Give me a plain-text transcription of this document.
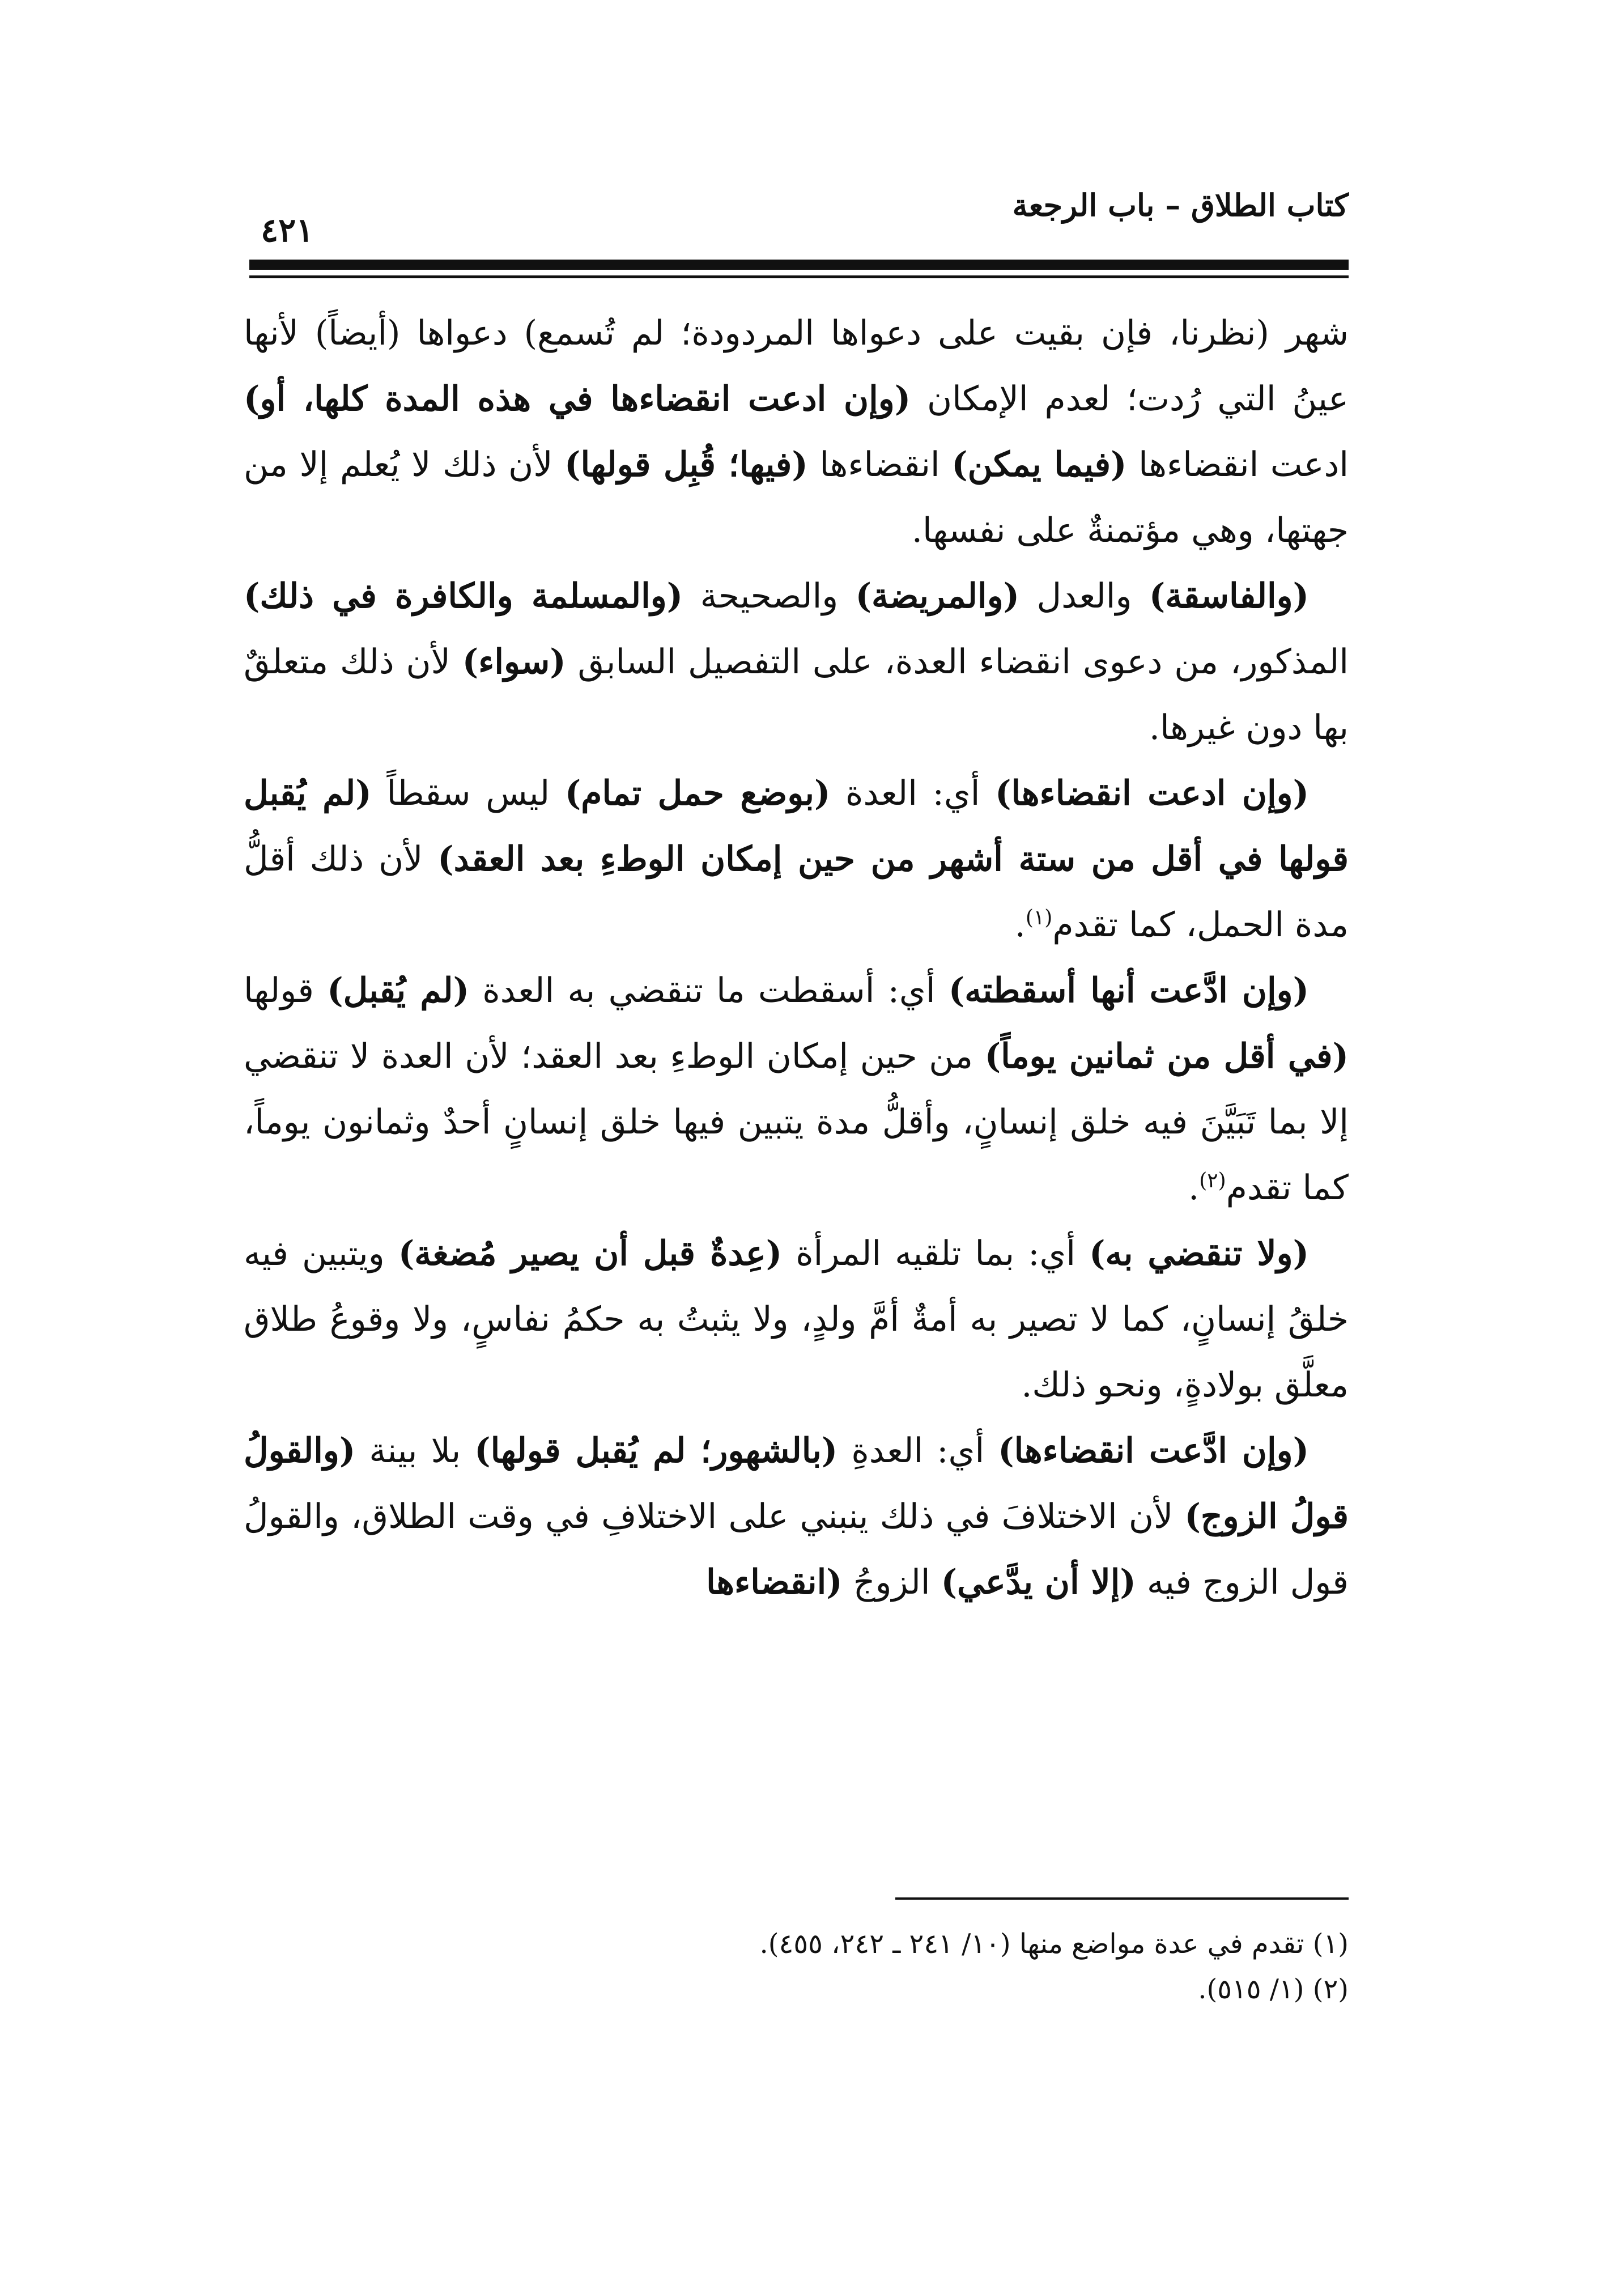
كتاب الطلاق – باب الرجعة
٤٢١

شهر (نظرنا، فإن بقيت على دعواها المردودة؛ لم تُسمع) دعواها (أيضاً) لأنها عينُ التي رُدت؛ لعدم الإمكان (وإن ادعت انقضاءها في هذه المدة كلها، أو) ادعت انقضاءها (فيما يمكن) انقضاءها (فيها؛ قُبِل قولها) لأن ذلك لا يُعلم إلا من جهتها، وهي مؤتمنةٌ على نفسها.

(والفاسقة) والعدل (والمريضة) والصحيحة (والمسلمة والكافرة في ذلك) المذكور، من دعوى انقضاء العدة، على التفصيل السابق (سواء) لأن ذلك متعلقٌ بها دون غيرها.

(وإن ادعت انقضاءها) أي: العدة (بوضع حمل تمام) ليس سقطاً (لم يُقبل قولها في أقل من ستة أشهر من حين إمكان الوطءِ بعد العقد) لأن ذلك أقلُّ مدة الحمل، كما تقدم$^{(١)}$.

(وإن ادَّعت أنها أسقطته) أي: أسقطت ما تنقضي به العدة (لم يُقبل) قولها (في أقل من ثمانين يوماً) من حين إمكان الوطءِ بعد العقد؛ لأن العدة لا تنقضي إلا بما تَبَيَّنَ فيه خلق إنسانٍ، وأقلُّ مدة يتبين فيها خلق إنسانٍ أحدٌ وثمانون يوماً، كما تقدم$^{(٢)}$.

(ولا تنقضي به) أي: بما تلقيه المرأة (عِدةٌ قبل أن يصير مُضغة) ويتبين فيه خلقُ إنسانٍ، كما لا تصير به أمةٌ أمَّ ولدٍ، ولا يثبتُ به حكمُ نفاسٍ، ولا وقوعُ طلاق معلَّق بولادةٍ، ونحو ذلك.

(وإن ادَّعت انقضاءها) أي: العدةِ (بالشهور؛ لم يُقبل قولها) بلا بينة (والقولُ قولُ الزوج) لأن الاختلافَ في ذلك ينبني على الاختلافِ في وقت الطلاق، والقولُ قول الزوج فيه (إلا أن يدَّعي) الزوجُ (انقضاءها

(١) تقدم في عدة مواضع منها (١٠/ ٢٤١ ـ ٢٤٢، ٤٥٥).

(٢) (١/ ٥١٥).
